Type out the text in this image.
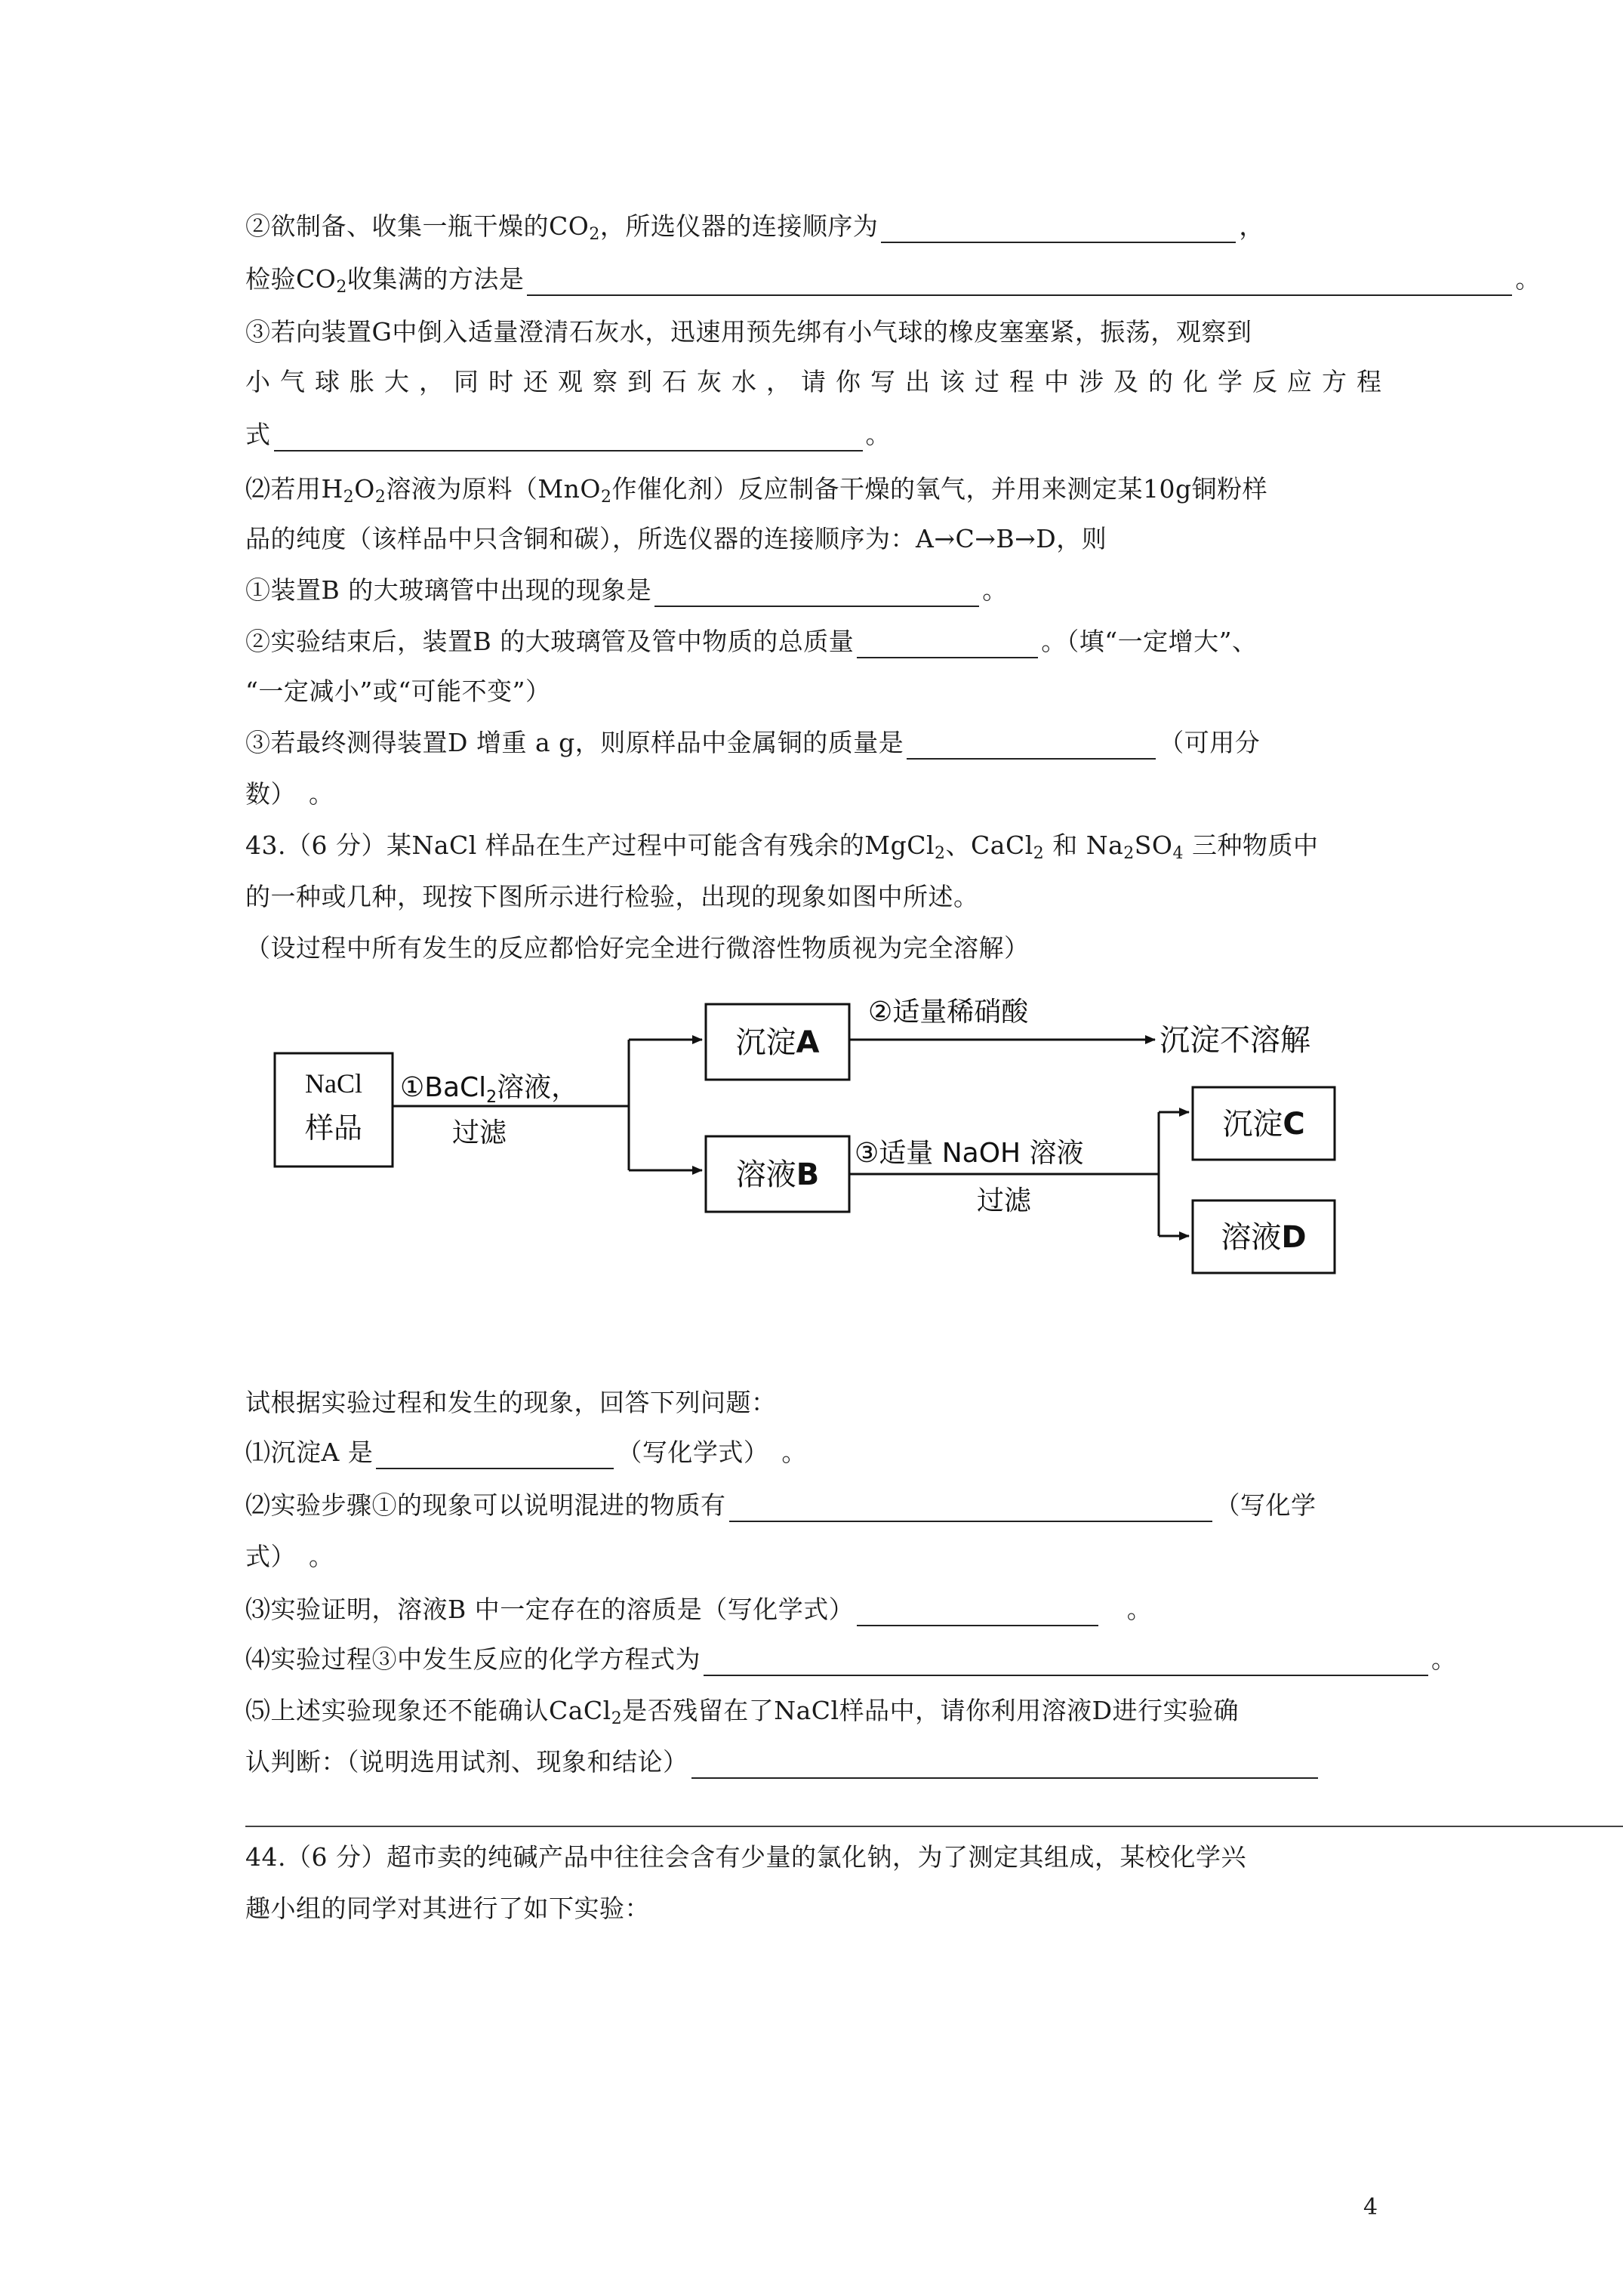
②欲制备、收集一瓶干燥的$CO_2$，所选仪器的连接顺序为	，
检验$CO_2$收集满的方法是	。
③若向装置G中倒入适量澄清石灰水，迅速用预先绑有小气球的橡皮塞塞紧，振荡，观察到
小气球胀大，同时还观察到石灰水，请你写出该过程中涉及的化学反应方程
式	。
⑵若用$H_2O_2$溶液为原料（MnO$_2$作催化剂）反应制备干燥的氧气，并用来测定某10g铜粉样
品的纯度（该样品中只含铜和碳），所选仪器的连接顺序为：A→C→B→D，则
①装置B 的大玻璃管中出现的现象是	。
②实验结束后，装置B 的大玻璃管及管中物质的总质量	。（填“一定增大”、
“一定减小”或“可能不变”）
③若最终测得装置D 增重 a g，则原样品中金属铜的质量是	（可用分
数）　。
43.（6 分）某NaCl 样品在生产过程中可能含有残余的MgCl$_2$、CaCl$_2$ 和 $Na_2SO_4$ 三种物质中
的一种或几种，现按下图所示进行检验，出现的现象如图中所述。
（设过程中所有发生的反应都恰好完全进行微溶性物质视为完全溶解）
NaCl
样品
①BaCl$_2$溶液，
过滤
沉淀A
②适量稀硝酸
沉淀不溶解
溶液B
③适量 NaOH 溶液
过滤
沉淀C
溶液D
试根据实验过程和发生的现象，回答下列问题：
⑴沉淀A 是	（写化学式）　。
⑵实验步骤①的现象可以说明混进的物质有	（写化学
式）　。
⑶实验证明，溶液B 中一定存在的溶质是（写化学式）	　。
⑷实验过程③中发生反应的化学方程式为	。
⑸上述实验现象还不能确认CaCl$_2$是否残留在了NaCl样品中，请你利用溶液D进行实验确
认判断：（说明选用试剂、现象和结论）
44.（6 分）超市卖的纯碱产品中往往会含有少量的氯化钠，为了测定其组成，某校化学兴
趣小组的同学对其进行了如下实验：
4
